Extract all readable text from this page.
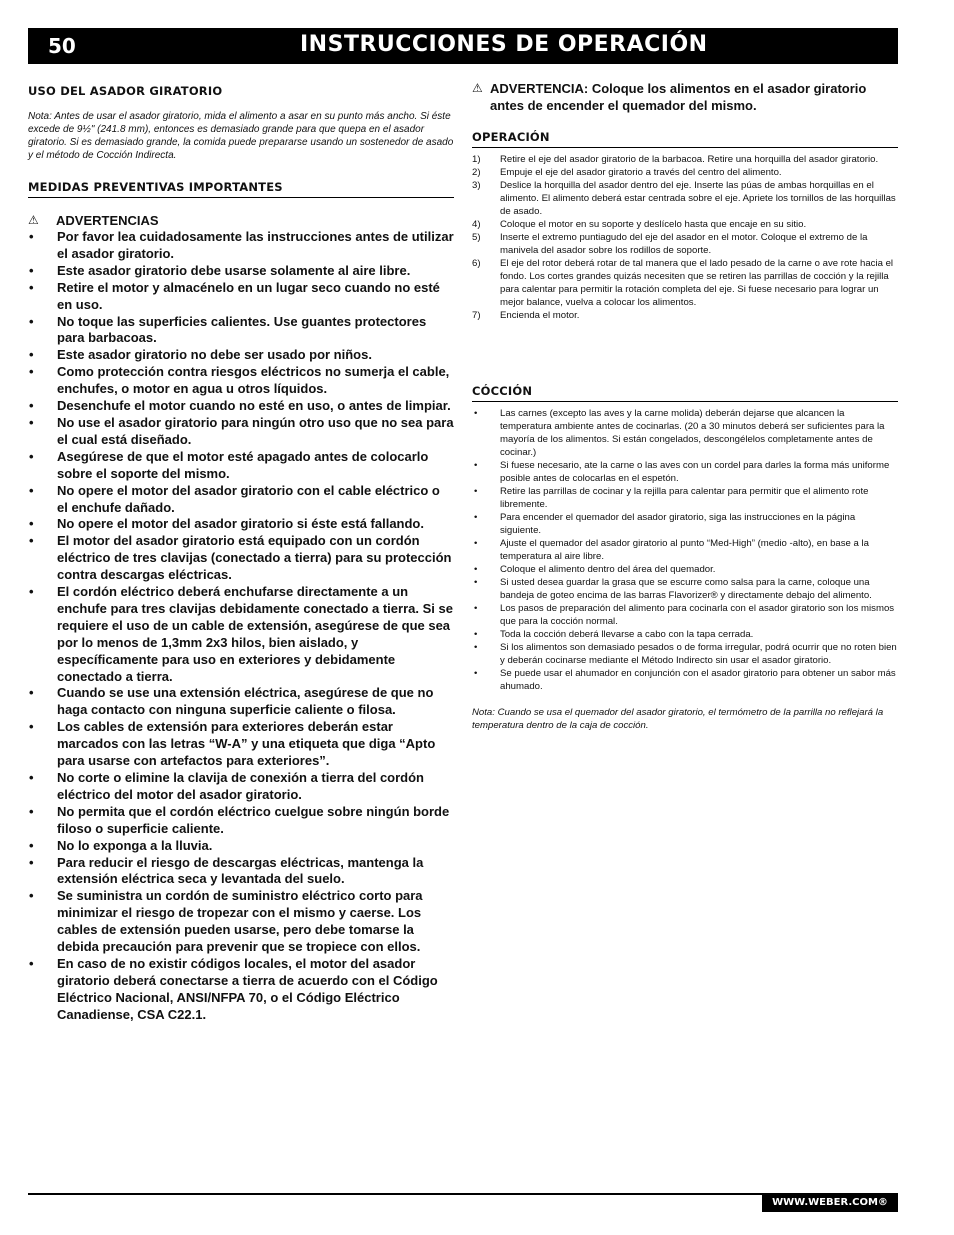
50	INSTRUCCIONES DE OPERACIÓN
USO DEL ASADOR GIRATORIO
Nota: Antes de usar el asador giratorio, mida el alimento a asar en su punto más ancho. Si éste excede de 9½" (241.8 mm), entonces es demasiado grande para que quepa en el asador giratorio. Si es demasiado grande, la comida puede prepararse usando un sostenedor de asado y el método de Cocción Indirecta.
MEDIDAS PREVENTIVAS IMPORTANTES
⚠	ADVERTENCIAS
•	Por favor lea cuidadosamente las instrucciones antes de utilizar el asador giratorio.
•	Este asador giratorio debe usarse solamente al aire libre.
•	Retire el motor y almacénelo en un lugar seco cuando no esté en uso.
•	No toque las superficies calientes. Use guantes protectores para barbacoas.
•	Este asador giratorio no debe ser usado por niños.
•	Como protección contra riesgos eléctricos no sumerja el cable, enchufes, o motor en agua u otros líquidos.
•	Desenchufe el motor cuando no esté en uso, o antes de limpiar.
•	No use el asador giratorio para ningún otro uso que no sea para el cual está diseñado.
•	Asegúrese de que el motor esté apagado antes de colocarlo sobre el soporte del mismo.
•	No opere el motor del asador giratorio con el cable eléctrico o el enchufe dañado.
•	No opere el motor del asador giratorio si éste está fallando.
•	El motor del asador giratorio está equipado con un cordón eléctrico de tres clavijas (conectado a tierra) para su protección contra descargas eléctricas.
•	El cordón eléctrico deberá enchufarse directamente a un enchufe para tres clavijas debidamente conectado a tierra. Si se requiere el uso de un cable de extensión, asegúrese de que sea por lo menos de 1,3mm 2x3 hilos, bien aislado, y específicamente para uso en exteriores y debidamente conectado a tierra.
•	Cuando se use una extensión eléctrica, asegúrese de que no haga contacto con ninguna superficie caliente o filosa.
•	Los cables de extensión para exteriores deberán estar marcados con las letras “W-A” y una etiqueta que diga “Apto para usarse con artefactos para exteriores”.
•	No corte o elimine la clavija de conexión a tierra del cordón eléctrico del motor del asador giratorio.
•	No permita que el cordón eléctrico cuelgue sobre ningún borde filoso o superficie caliente.
•	No lo exponga a la lluvia.
•	Para reducir el riesgo de descargas eléctricas, mantenga la extensión eléctrica seca y levantada del suelo.
•	Se suministra un cordón de suministro eléctrico corto para minimizar el riesgo de tropezar con el mismo y caerse. Los cables de extensión pueden usarse, pero debe tomarse la debida precaución para prevenir que se tropiece con ellos.
•	En caso de no existir códigos locales, el motor del asador giratorio deberá conectarse a tierra de acuerdo con el Código Eléctrico Nacional, ANSI/NFPA 70, o el Código Eléctrico Canadiense, CSA C22.1.
⚠ ADVERTENCIA: Coloque los alimentos en el asador giratorio antes de encender el quemador del mismo.
OPERACIÓN
1)	Retire el eje del asador giratorio de la barbacoa. Retire una horquilla del asador giratorio.
2)	Empuje el eje del asador giratorio a través del centro del alimento.
3)	Deslice la horquilla del asador dentro del eje. Inserte las púas de ambas horquillas en el alimento. El alimento deberá estar centrada sobre el eje. Apriete los tornillos de las horquillas de asado.
4)	Coloque el motor en su soporte y deslícelo hasta que encaje en su sitio.
5)	Inserte el extremo puntiagudo del eje del asador en el motor. Coloque el extremo de la manivela del asador sobre los rodillos de soporte.
6)	El eje del rotor deberá rotar de tal manera que el lado pesado de la carne o ave rote hacia el fondo. Los cortes grandes quizás necesiten que se retiren las parrillas de cocción y la rejilla para calentar para permitir la rotación completa del eje. Si fuese necesario para lograr un mejor balance, vuelva a colocar los alimentos.
7)	Encienda el motor.
CÓCCIÓN
•	Las carnes (excepto las aves y la carne molida) deberán dejarse que alcancen la temperatura ambiente antes de cocinarlas. (20 a 30 minutos deberá ser suficientes para la mayoría de los alimentos. Si están congelados, descongélelos completamente antes de cocinar.)
•	Si fuese necesario, ate la carne o las aves con un cordel para darles la forma más uniforme posible antes de colocarlas en el espetón.
•	Retire las parrillas de cocinar y la rejilla para calentar para permitir que el alimento rote libremente.
•	Para encender el quemador del asador giratorio, siga las instrucciones en la página siguiente.
•	Ajuste el quemador del asador giratorio al punto “Med-High” (medio -alto), en base a la temperatura al aire libre.
•	Coloque el alimento dentro del área del quemador.
•	Si usted desea guardar la grasa que se escurre como salsa para la carne, coloque una bandeja de goteo encima de las barras Flavorizer® y directamente debajo del alimento.
•	Los pasos de preparación del alimento para cocinarla con el asador giratorio son los mismos que para la cocción normal.
•	Toda la cocción deberá llevarse a cabo con la tapa cerrada.
•	Si los alimentos son demasiado pesados o de forma irregular, podrá ocurrir que no roten bien y deberán cocinarse mediante el Método Indirecto sin usar el asador giratorio.
•	Se puede usar el ahumador en conjunción con el asador giratorio para obtener un sabor más ahumado.
Nota: Cuando se usa el quemador del asador giratorio, el termómetro de la parrilla no reflejará la temperatura dentro de la caja de cocción.
WWW.WEBER.COM®
